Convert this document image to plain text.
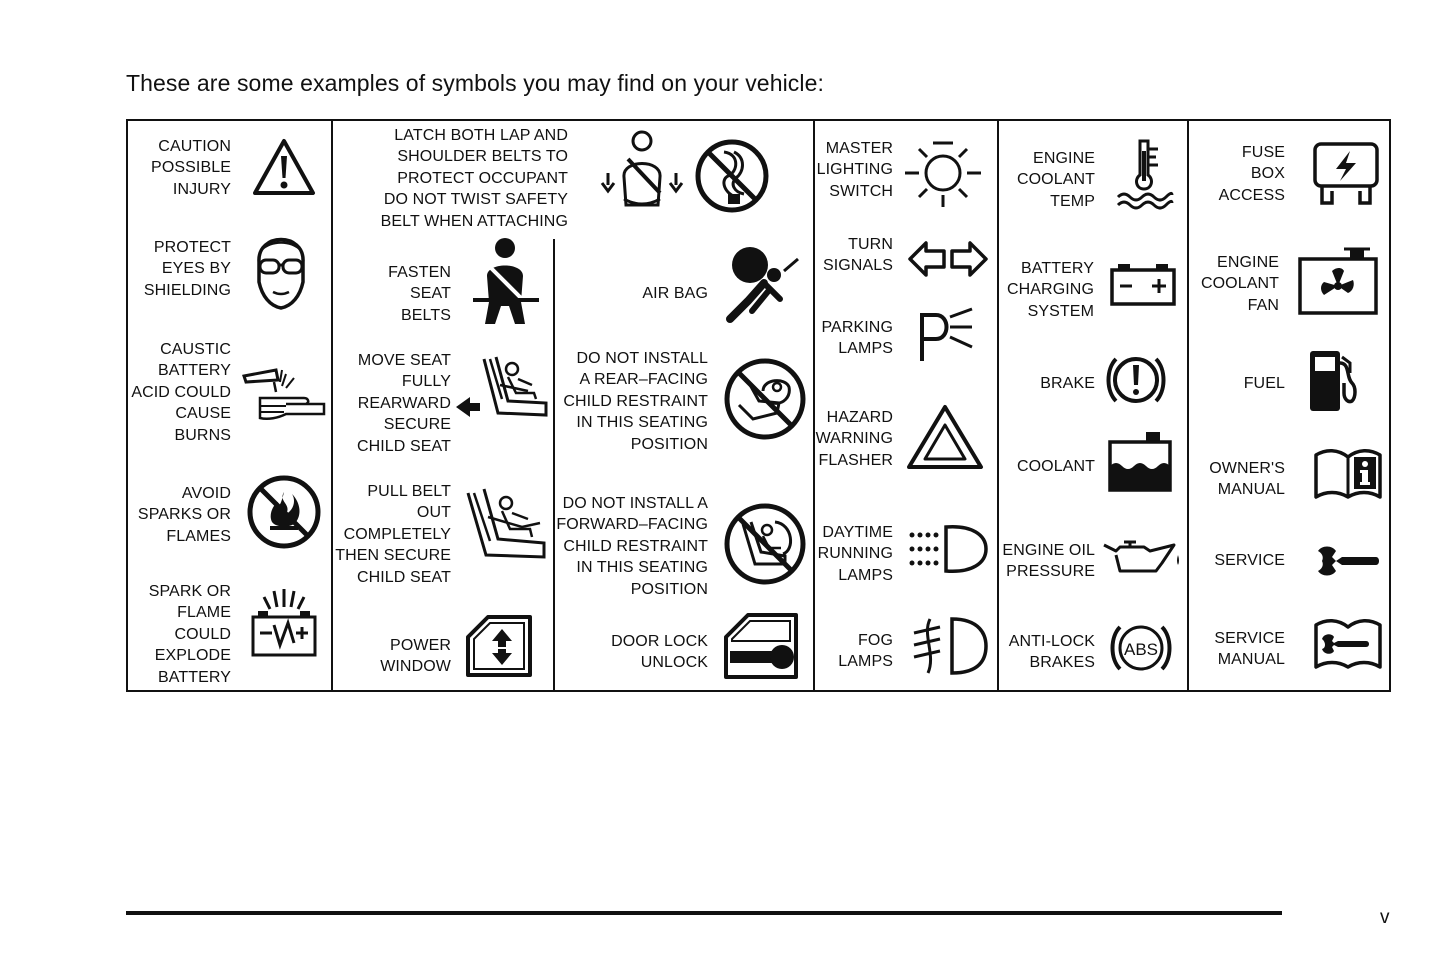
These are some examples of symbols you may find on your vehicle:
CAUTION
POSSIBLE
INJURY
PROTECT
EYES BY
SHIELDING
CAUSTIC
BATTERY
ACID COULD
CAUSE
BURNS
AVOID
SPARKS OR
FLAMES
SPARK OR
FLAME
COULD
EXPLODE
BATTERY
LATCH BOTH LAP AND
SHOULDER BELTS TO
PROTECT OCCUPANT
DO NOT TWIST SAFETY
BELT WHEN ATTACHING
FASTEN
SEAT
BELTS
MOVE SEAT
FULLY
REARWARD
SECURE
CHILD SEAT
PULL BELT
OUT
COMPLETELY
THEN SECURE
CHILD SEAT
POWER
WINDOW
AIR BAG
DO NOT INSTALL
A REAR–FACING
CHILD RESTRAINT
IN THIS SEATING
POSITION
DO NOT INSTALL A
FORWARD–FACING
CHILD RESTRAINT
IN THIS SEATING
POSITION
DOOR LOCK
UNLOCK
MASTER
LIGHTING
SWITCH
TURN
SIGNALS
PARKING
LAMPS
HAZARD
WARNING
FLASHER
DAYTIME
RUNNING
LAMPS
FOG
LAMPS
ENGINE
COOLANT
TEMP
BATTERY
CHARGING
SYSTEM
BRAKE
COOLANT
ENGINE OIL
PRESSURE
ANTI-LOCK
BRAKES
ABS
FUSE
BOX
ACCESS
ENGINE
COOLANT
FAN
FUEL
OWNER'S
MANUAL
SERVICE
SERVICE
MANUAL
v
